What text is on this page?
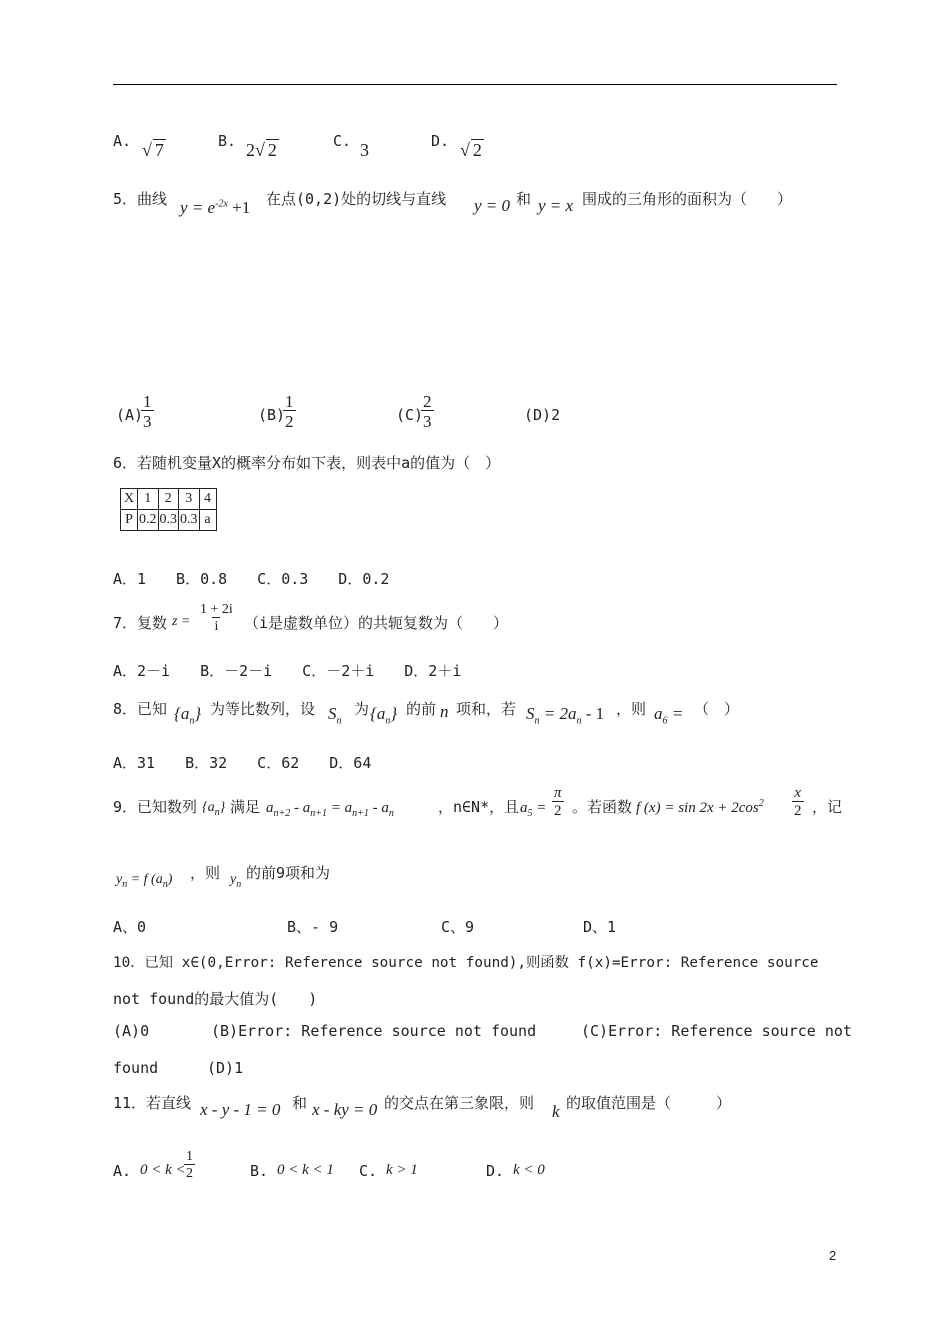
A. √ 7	B. 2√ 2	C. 3	D. √ 2
5．曲线 $y = e^{-2x} +1$ 在点(0,2)处的切线与直线 y = 0 和 y = x 围成的三角形的面积为（　　）
(A)
$\frac{1}{3}$	(B)
$\frac{1}{2}$	(C)
$\frac{2}{3}$	(D)2
6．若随机变量X的概率分布如下表，则表中a的值为（　）
X	1	2	3	4
P	0.2	0.3	0.3	a
A．1　　B．0.8　　C．0.3　　D．0.2
7．复数 $z = \frac{1 + 2i}{i} (i$是虚数单位）的共轭复数为（　　）
A．2－i　　B．－2－i　　C．－2＋i　　D．2＋i
8．已知 $\{a_n\}$ 为等比数列，设 $S_n$
为 $\{a_n\}$ 的前 n 项和，若 $S_n = 2a_n - 1$ ，则 $a_6$ = （　）
A．31　　B．32　　C．62　　D．64
9．已知数列 $\{a_n\}$ 满足 $a_{n+2} - a_{n+1} = a_{n+1} - a_n$	，n∈N*，且 $a_5 = \frac{\pi}{2}$ 。若函数 f $(x) = \sin 2x + 2\cos^2 \frac{x}{2}$ ，记
$y_n = f$ $(a_n)$ ，则 $y_n$
的前9项和为
A、0	B、- 9	C、9	D、1
10．已知 x∈(0,Error: Reference source not found),则函数 f(x)=Error: Reference source
not found的最大值为(　　)
(A)0	(B)Error: Reference source not found	(C)Error: Reference source not
found	(D)1
11．若直线 x - y - 1 = 0 和 x - ky = 0 的交点在第三象限，则 k 的取值范围是（　　　）
A. 0 < k <
$\frac{1}{2}$	B. 0 < k < 1 C. k > 1	D. k < 0
2
